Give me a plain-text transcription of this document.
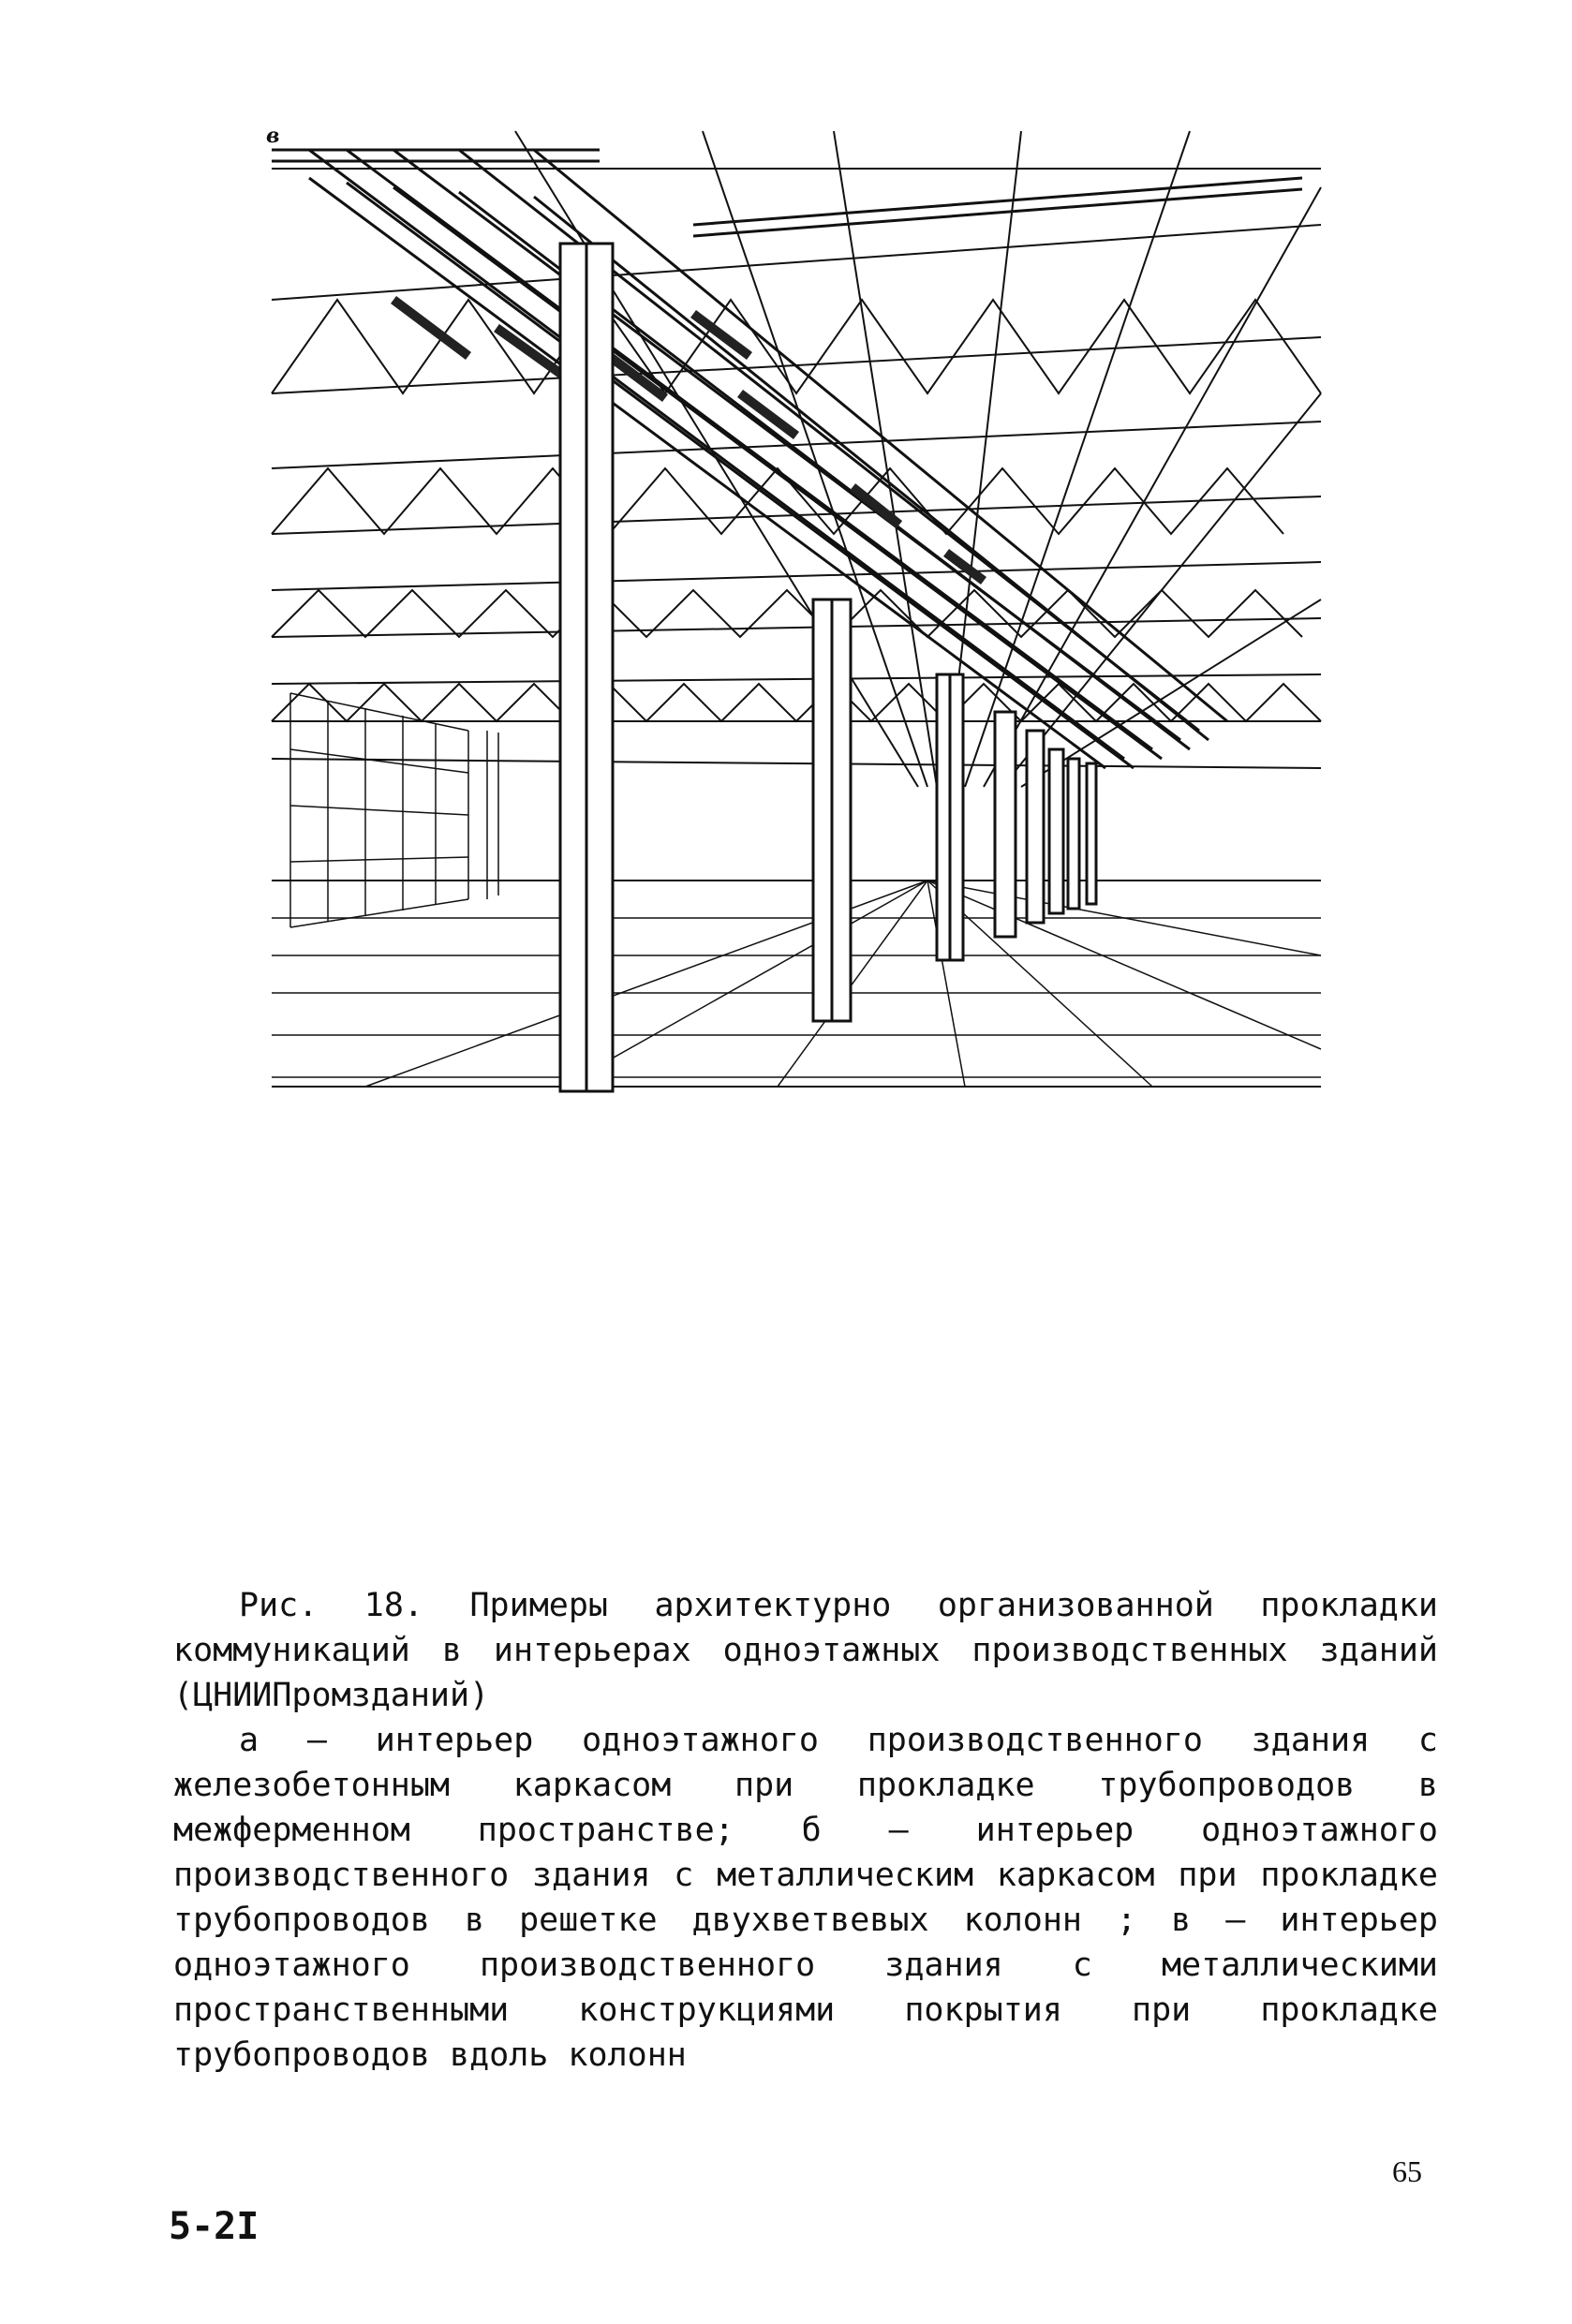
в

Рис. 18. Примеры архитектурно организованной прокладки коммуникаций в интерьерах одноэтажных производственных зданий (ЦНИИПромзданий)

а – интерьер одноэтажного производственного здания с железобетонным каркасом при прокладке трубопроводов в межферменном пространстве; б – интерьер одноэтажного производственного здания с металлическим каркасом при прокладке трубопроводов в решетке двухветвевых колонн ; в – интерьер одноэтажного производственного здания с металлическими пространственными конструкциями покрытия при прокладке трубопроводов вдоль колонн

65
5-2I
